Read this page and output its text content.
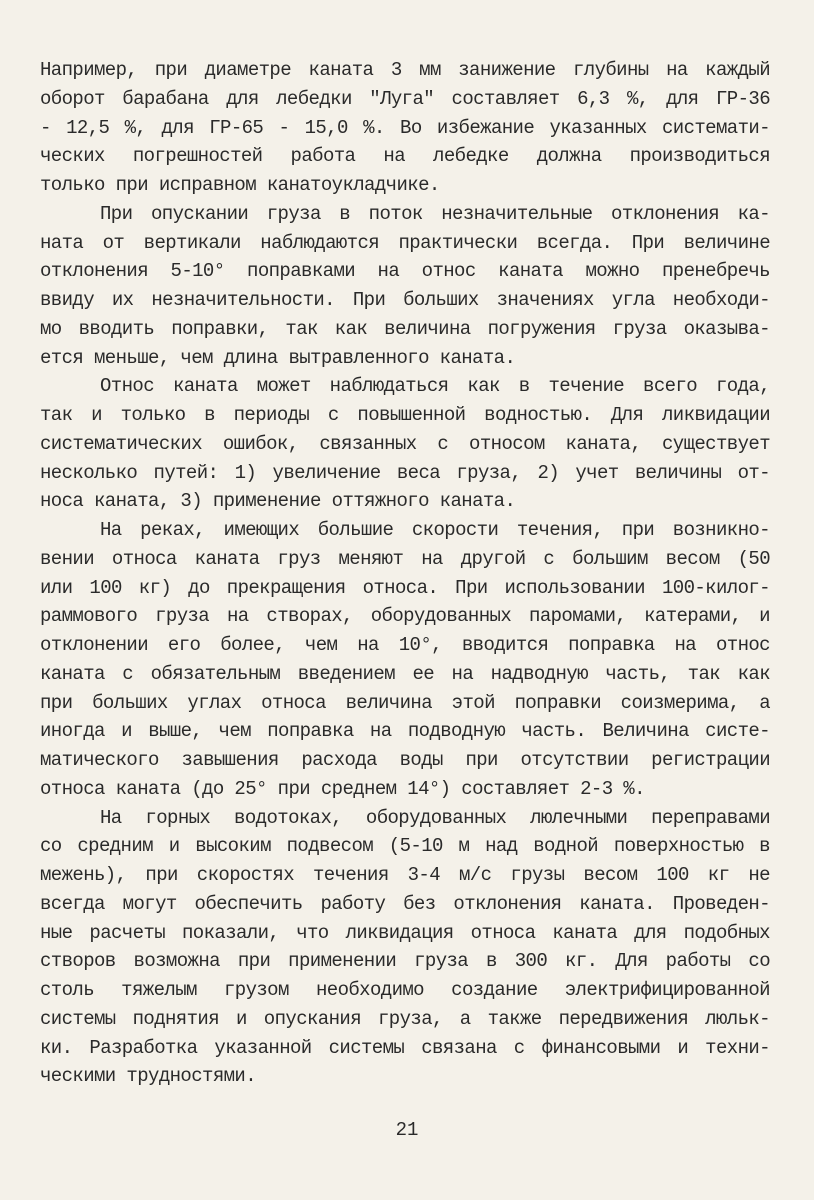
Например, при диаметре каната 3 мм занижение глубины на каждый
оборот барабана для лебедки "Луга" составляет 6,3 %, для ГР-36
- 12,5 %, для ГР-65 - 15,0 %. Во избежание указанных системати-
ческих погрешностей работа на лебедке должна производиться
только при исправном канатоукладчике.
При опускании груза в поток незначительные отклонения ка-
ната от вертикали наблюдаются практически всегда. При величине
отклонения 5-10° поправками на относ каната можно пренебречь
ввиду их незначительности. При больших значениях угла необходи-
мо вводить поправки, так как величина погружения груза оказыва-
ется меньше, чем длина вытравленного каната.
Относ каната может наблюдаться как в течение всего года,
так и только в периоды с повышенной водностью. Для ликвидации
систематических ошибок, связанных с относом каната, существует
несколько путей: 1) увеличение веса груза, 2) учет величины от-
носа каната, 3) применение оттяжного каната.
На реках, имеющих большие скорости течения, при возникно-
вении относа каната груз меняют на другой с большим весом (50
или 100 кг) до прекращения относа. При использовании 100-килог-
раммового груза на створах, оборудованных паромами, катерами, и
отклонении его более, чем на 10°, вводится поправка на относ
каната с обязательным введением ее на надводную часть, так как
при больших углах относа величина этой поправки соизмерима, а
иногда и выше, чем поправка на подводную часть. Величина систе-
матического завышения расхода воды при отсутствии регистрации
относа каната (до 25° при среднем 14°) составляет 2-3 %.
На горных водотоках, оборудованных люлечными переправами
со средним и высоким подвесом (5-10 м над водной поверхностью в
межень), при скоростях течения 3-4 м/с грузы весом 100 кг не
всегда могут обеспечить работу без отклонения каната. Проведен-
ные расчеты показали, что ликвидация относа каната для подобных
створов возможна при применении груза в 300 кг. Для работы со
столь тяжелым грузом необходимо создание электрифицированной
системы поднятия и опускания груза, а также передвижения люльк-
ки. Разработка указанной системы связана с финансовыми и техни-
ческими трудностями.
21
